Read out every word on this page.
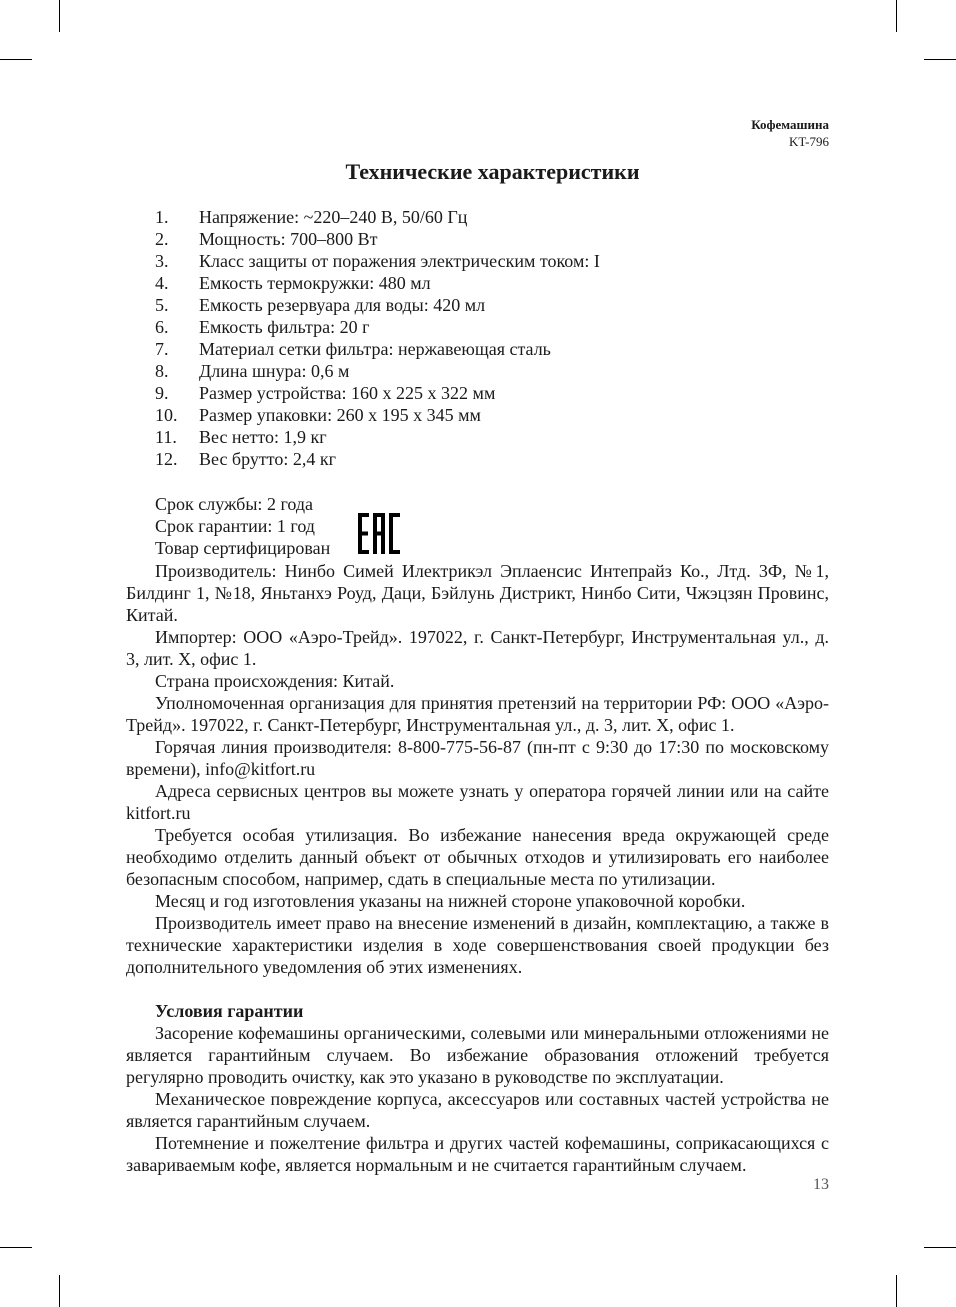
Кофемашина
KT-796
Технические характеристики
1.	Напряжение: ~220–240 В, 50/60 Гц
2.	Мощность: 700–800 Вт
3.	Класс защиты от поражения электрическим током: I
4.	Емкость термокружки: 480 мл
5.	Емкость резервуара для воды: 420 мл
6.	Емкость фильтра: 20 г
7.	Материал сетки фильтра: нержавеющая сталь
8.	Длина шнура: 0,6 м
9.	Размер устройства: 160 x 225 x 322 мм
10.	Размер упаковки: 260 x 195 x 345 мм
11.	Вес нетто: 1,9 кг
12.	Вес брутто: 2,4 кг
Срок службы: 2 года
Срок гарантии: 1 год
Товар сертифицирован

Производитель: Нинбо Симей Илектрикэл Эплаенсис Интепрайз Ко., Лтд. 3Ф, №1, Билдинг 1, №18, Яньтанхэ Роуд, Даци, Бэйлунь Дистрикт, Нинбо Сити, Чжэцзян Провинс, Китай.

Импортер: ООО «Аэро-Трейд». 197022, г. Санкт-Петербург, Инструментальная ул., д. 3, лит. Х, офис 1.

Страна происхождения: Китай.

Уполномоченная организация для принятия претензий на территории РФ: ООО «Аэро-Трейд». 197022, г. Санкт-Петербург, Инструментальная ул., д. 3, лит. Х, офис 1.

Горячая линия производителя: 8-800-775-56-87 (пн-пт с 9:30 до 17:30 по московскому времени), info@kitfort.ru

Адреса сервисных центров вы можете узнать у оператора горячей линии или на сайте kitfort.ru

Требуется особая утилизация. Во избежание нанесения вреда окружающей среде необходимо отделить данный объект от обычных отходов и утилизировать его наиболее безопасным способом, например, сдать в специальные места по утилизации.

Месяц и год изготовления указаны на нижней стороне упаковочной коробки.

Производитель имеет право на внесение изменений в дизайн, комплектацию, а также в технические характеристики изделия в ходе совершенствования своей продукции без дополнительного уведомления об этих изменениях.

Условия гарантии

Засорение кофемашины органическими, солевыми или минеральными отложениями не является гарантийным случаем. Во избежание образования отложений требуется регулярно проводить очистку, как это указано в руководстве по эксплуатации.

Механическое повреждение корпуса, аксессуаров или составных частей устройства не является гарантийным случаем.

Потемнение и пожелтение фильтра и других частей кофемашины, соприкасающихся с завариваемым кофе, является нормальным и не считается гарантийным случаем.

13
